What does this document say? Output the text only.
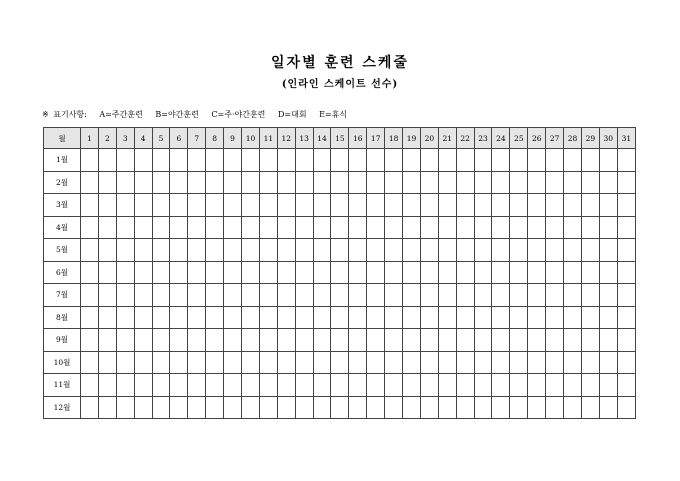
일자별 훈련 스케줄
(인라인 스케이트 선수)
※ 표기사항: A=주간훈련 B=야간훈련 C=주·야간훈련 D=대회 E=휴식
월	1	2	3	4	5	6	7	8	9	10	11	12	13	14	15	16	17	18	19	20	21	22	23	24	25	26	27	28	29	30	31
1월																															
2월																															
3월																															
4월																															
5월																															
6월																															
7월																															
8월																															
9월																															
10월																															
11월																															
12월																															
